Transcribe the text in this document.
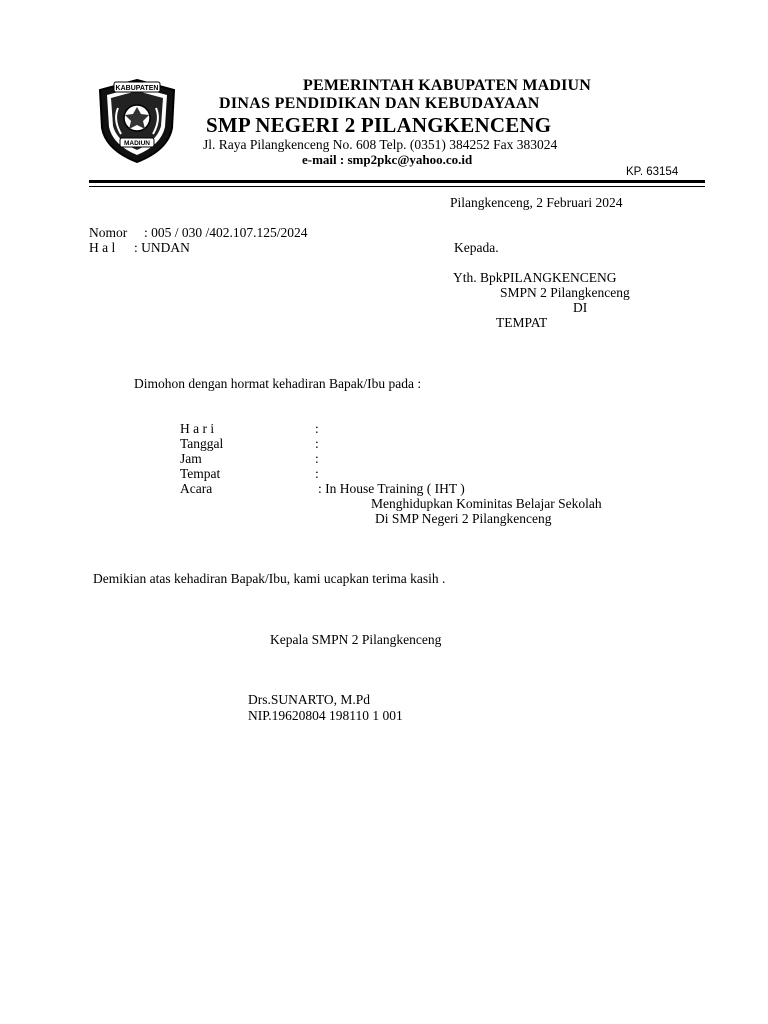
KABUPATEN
MADIUN
PEMERINTAH KABUPATEN MADIUN
DINAS PENDIDIKAN DAN KEBUDAYAAN
SMP NEGERI 2 PILANGKENCENG
Jl. Raya Pilangkenceng No. 608 Telp. (0351) 384252 Fax 383024
e-mail : smp2pkc@yahoo.co.id
KP. 63154
Pilangkenceng, 2 Februari 2024
Nomor : 005 / 030 /402.107.125/2024
H a l : UNDAN	Kepada.
Yth. BpkPILANGKENCENG
SMPN 2 Pilangkenceng
DI
TEMPAT
Dimohon dengan hormat kehadiran Bapak/Ibu pada :
H a r i	:
Tanggal	:
Jam	:
Tempat	:
Acara	: In House Training ( IHT )
Menghidupkan Kominitas Belajar Sekolah
Di SMP Negeri 2 Pilangkenceng
Demikian atas kehadiran Bapak/Ibu, kami ucapkan terima kasih .
Kepala SMPN 2 Pilangkenceng
Drs.SUNARTO, M.Pd
NIP.19620804 198110 1 001
